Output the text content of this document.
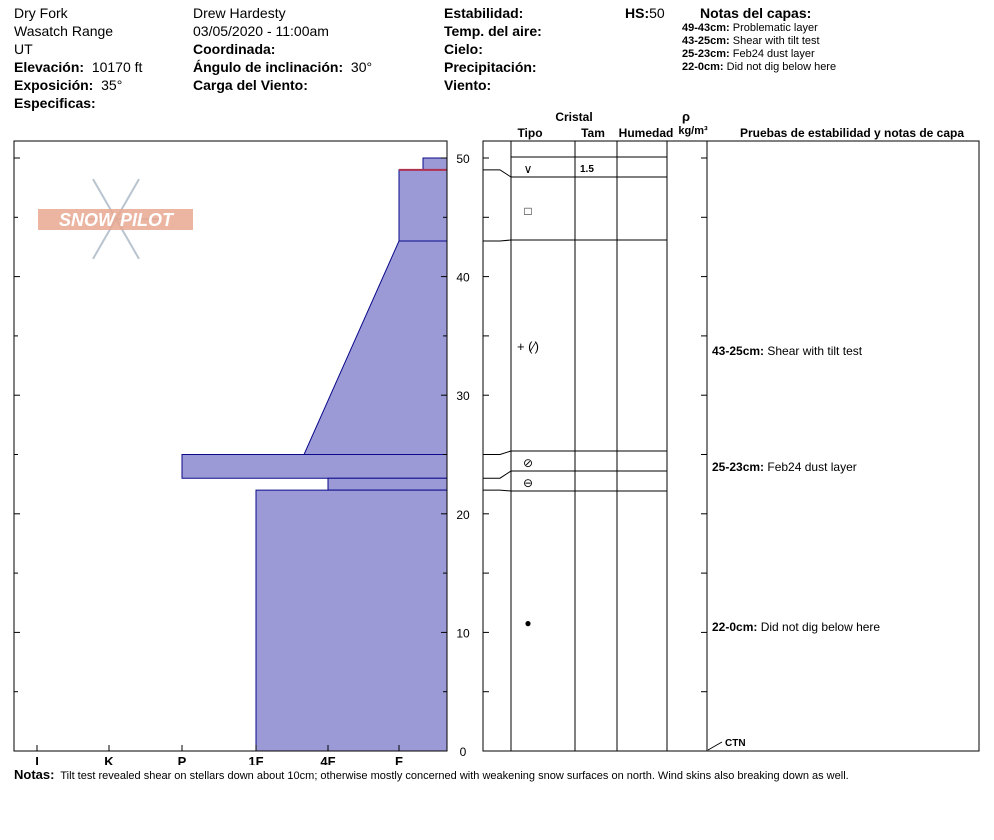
Dry Fork
Wasatch Range
UT
Elevación: 10170 ft
Exposición: 35°
Especificas:
Drew Hardesty
03/05/2020 - 11:00am
Coordinada:
Ángulo de inclinación: 30°
Carga del Viento:
Estabilidad:
Temp. del aire:
Cielo:
Precipitación:
Viento:
HS:50	Notas del capas:
49-43cm: Problematic layer
43-25cm: Shear with tilt test
25-23cm: Feb24 dust layer
22-0cm: Did not dig below here
SNOW PILOT
0
10
20
30
40
50
I	K	P	1F	4F	F
Cristal
Tipo	Tam Humedad
ρ
kg/m³	Pruebas de estabilidad y notas de capa
∨	1.5
□
+ (⁄)
⊘
⊖
●
43-25cm: Shear with tilt test
25-23cm: Feb24 dust layer
22-0cm: Did not dig below here
CTN
Notas: Tilt test revealed shear on stellars down about 10cm; otherwise mostly concerned with weakening snow surfaces on north. Wind skins also breaking down as well.
